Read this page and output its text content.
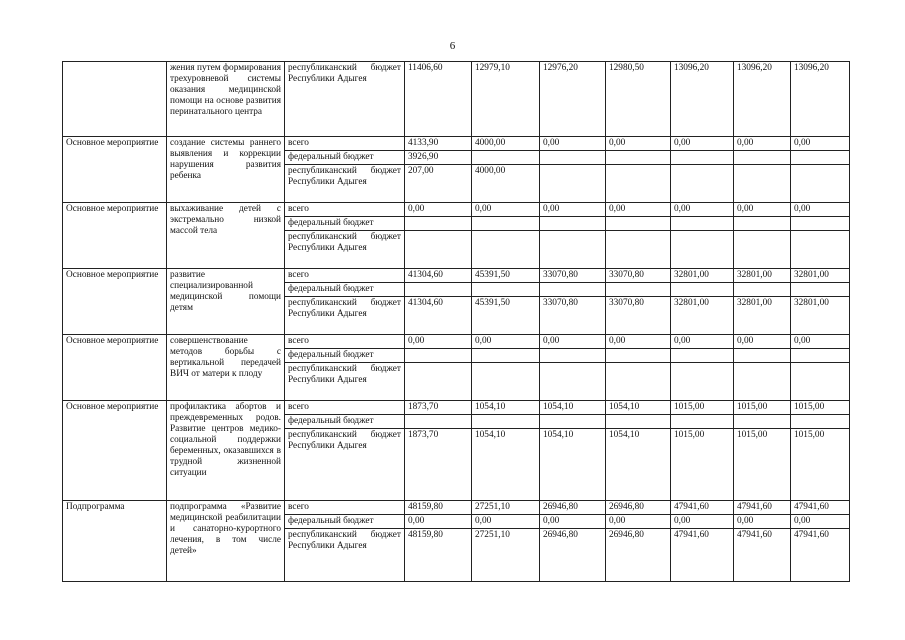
6
	жения путем формирования трехуровневой системы оказания медицинской помощи на основе развития перинатального центра	республиканский бюджет Республики Адыгея	11406,60	12979,10	12976,20	12980,50	13096,20	13096,20	13096,20
Основное мероприятие	создание системы раннего выявления и коррекции нарушения развития ребенка	всего	4133,90	4000,00	0,00	0,00	0,00	0,00	0,00
		федеральный бюджет	3926,90						
		республиканский бюджет Республики Адыгея	207,00	4000,00					
Основное мероприятие	выхаживание детей с экстремально низкой массой тела	всего	0,00	0,00	0,00	0,00	0,00	0,00	0,00
		федеральный бюджет							
		республиканский бюджет Республики Адыгея							
Основное мероприятие	развитие специализированной медицинской помощи детям	всего	41304,60	45391,50	33070,80	33070,80	32801,00	32801,00	32801,00
		федеральный бюджет							
		республиканский бюджет Республики Адыгея	41304,60	45391,50	33070,80	33070,80	32801,00	32801,00	32801,00
Основное мероприятие	совершенствование методов борьбы с вертикальной передачей ВИЧ от матери к плоду	всего	0,00	0,00	0,00	0,00	0,00	0,00	0,00
		федеральный бюджет							
		республиканский бюджет Республики Адыгея							
Основное мероприятие	профилактика абортов и преждевременных родов. Развитие центров медико-социальной поддержки беременных, оказавшихся в трудной жизненной ситуации	всего	1873,70	1054,10	1054,10	1054,10	1015,00	1015,00	1015,00
		федеральный бюджет							
		республиканский бюджет Республики Адыгея	1873,70	1054,10	1054,10	1054,10	1015,00	1015,00	1015,00
Подпрограмма	подпрограмма «Развитие медицинской реабилитации и санаторно-курортного лечения, в том числе детей»	всего	48159,80	27251,10	26946,80	26946,80	47941,60	47941,60	47941,60
		федеральный бюджет	0,00	0,00	0,00	0,00	0,00	0,00	0,00
		республиканский бюджет Республики Адыгея	48159,80	27251,10	26946,80	26946,80	47941,60	47941,60	47941,60
